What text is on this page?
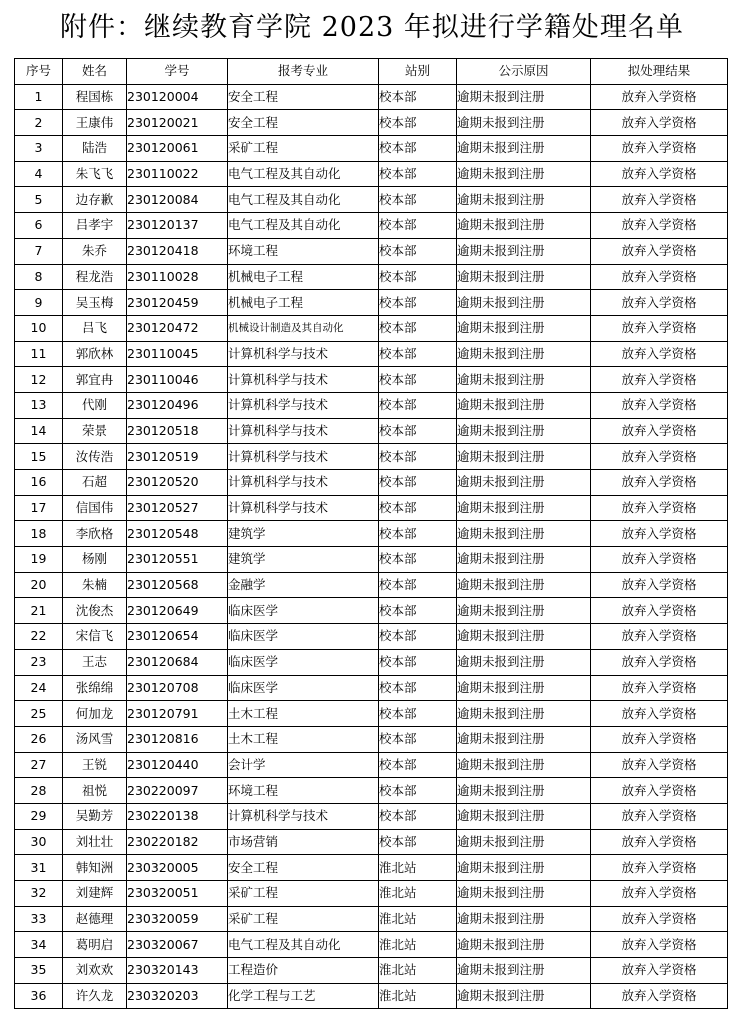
附件：继续教育学院 2023 年拟进行学籍处理名单
序号	姓名	学号	报考专业	站别	公示原因	拟处理结果
1	程国栋	230120004	安全工程	校本部	逾期未报到注册	放弃入学资格
2	王康伟	230120021	安全工程	校本部	逾期未报到注册	放弃入学资格
3	陆浩	230120061	采矿工程	校本部	逾期未报到注册	放弃入学资格
4	朱飞飞	230110022	电气工程及其自动化	校本部	逾期未报到注册	放弃入学资格
5	边存歉	230120084	电气工程及其自动化	校本部	逾期未报到注册	放弃入学资格
6	吕孝宇	230120137	电气工程及其自动化	校本部	逾期未报到注册	放弃入学资格
7	朱乔	230120418	环境工程	校本部	逾期未报到注册	放弃入学资格
8	程龙浩	230110028	机械电子工程	校本部	逾期未报到注册	放弃入学资格
9	吴玉梅	230120459	机械电子工程	校本部	逾期未报到注册	放弃入学资格
10	吕飞	230120472	机械设计制造及其自动化	校本部	逾期未报到注册	放弃入学资格
11	郭欣林	230110045	计算机科学与技术	校本部	逾期未报到注册	放弃入学资格
12	郭宜冉	230110046	计算机科学与技术	校本部	逾期未报到注册	放弃入学资格
13	代刚	230120496	计算机科学与技术	校本部	逾期未报到注册	放弃入学资格
14	荣景	230120518	计算机科学与技术	校本部	逾期未报到注册	放弃入学资格
15	汝传浩	230120519	计算机科学与技术	校本部	逾期未报到注册	放弃入学资格
16	石超	230120520	计算机科学与技术	校本部	逾期未报到注册	放弃入学资格
17	信国伟	230120527	计算机科学与技术	校本部	逾期未报到注册	放弃入学资格
18	李欣格	230120548	建筑学	校本部	逾期未报到注册	放弃入学资格
19	杨刚	230120551	建筑学	校本部	逾期未报到注册	放弃入学资格
20	朱楠	230120568	金融学	校本部	逾期未报到注册	放弃入学资格
21	沈俊杰	230120649	临床医学	校本部	逾期未报到注册	放弃入学资格
22	宋信飞	230120654	临床医学	校本部	逾期未报到注册	放弃入学资格
23	王志	230120684	临床医学	校本部	逾期未报到注册	放弃入学资格
24	张绵绵	230120708	临床医学	校本部	逾期未报到注册	放弃入学资格
25	何加龙	230120791	土木工程	校本部	逾期未报到注册	放弃入学资格
26	汤风雪	230120816	土木工程	校本部	逾期未报到注册	放弃入学资格
27	王锐	230120440	会计学	校本部	逾期未报到注册	放弃入学资格
28	祖悦	230220097	环境工程	校本部	逾期未报到注册	放弃入学资格
29	吴勤芳	230220138	计算机科学与技术	校本部	逾期未报到注册	放弃入学资格
30	刘壮壮	230220182	市场营销	校本部	逾期未报到注册	放弃入学资格
31	韩知洲	230320005	安全工程	淮北站	逾期未报到注册	放弃入学资格
32	刘建辉	230320051	采矿工程	淮北站	逾期未报到注册	放弃入学资格
33	赵德理	230320059	采矿工程	淮北站	逾期未报到注册	放弃入学资格
34	葛明启	230320067	电气工程及其自动化	淮北站	逾期未报到注册	放弃入学资格
35	刘欢欢	230320143	工程造价	淮北站	逾期未报到注册	放弃入学资格
36	许久龙	230320203	化学工程与工艺	淮北站	逾期未报到注册	放弃入学资格
